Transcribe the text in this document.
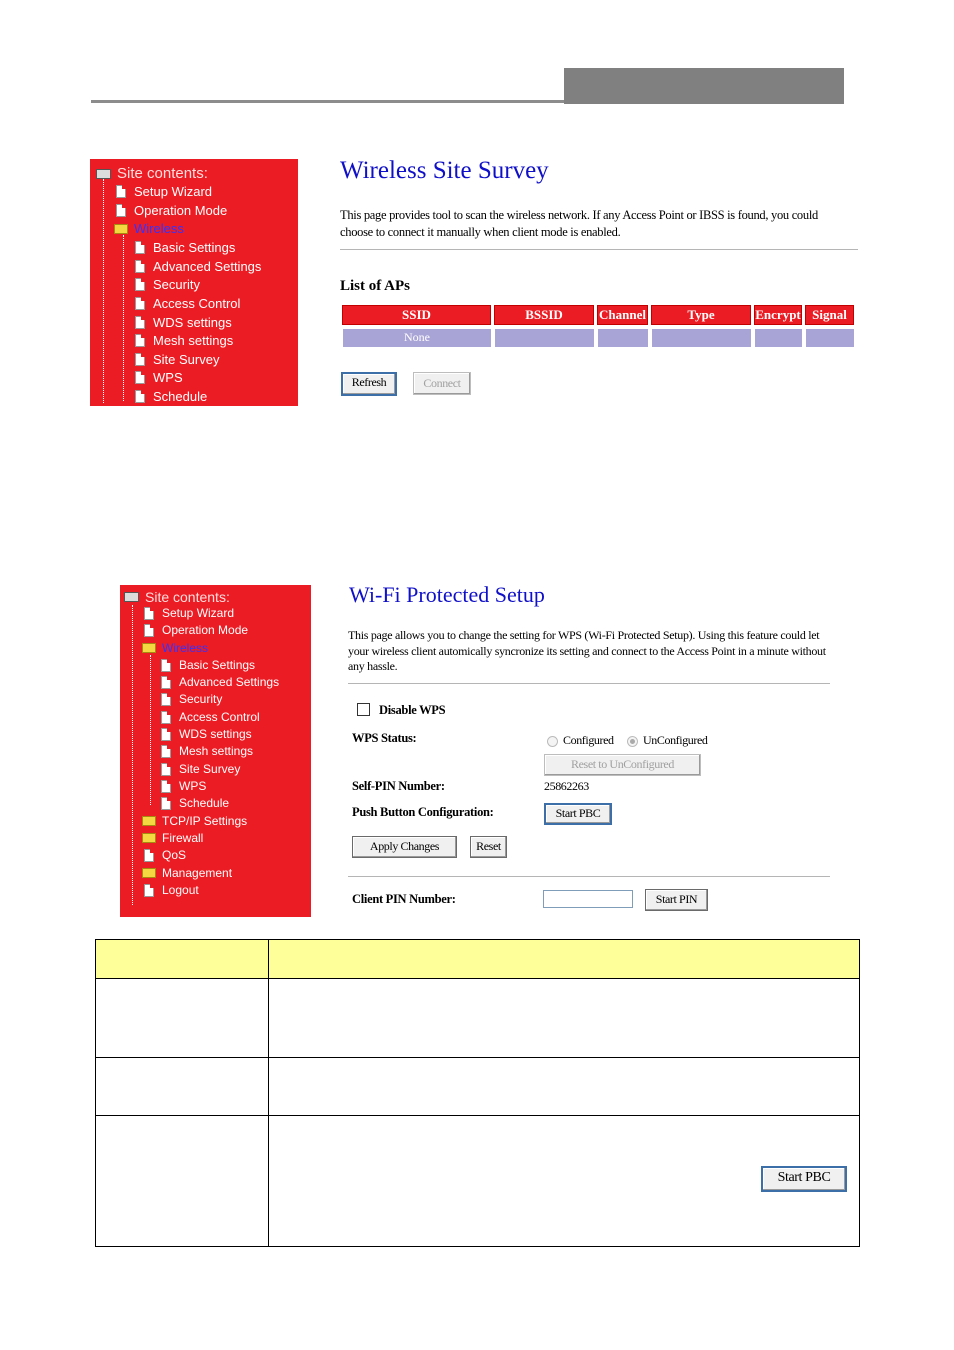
Site contents:
Setup Wizard
Operation Mode
Wireless
Basic Settings
Advanced Settings
Security
Access Control
WDS settings
Mesh settings
Site Survey
WPS
Schedule
Wireless Site Survey
This page provides tool to scan the wireless network. If any Access Point or IBSS is found, you could choose to connect it manually when client mode is enabled.
List of APs
SSID	BSSID	Channel	Type	Encrypt Signal
None
Refresh	Connect
Site contents:
Setup Wizard
Operation Mode
Wireless
Basic Settings
Advanced Settings
Security
Access Control
WDS settings
Mesh settings
Site Survey
WPS
Schedule
TCP/IP Settings
Firewall
QoS
Management
Logout
Wi-Fi Protected Setup
This page allows you to change the setting for WPS (Wi-Fi Protected Setup). Using this feature could let your wireless client automically syncronize its setting and connect to the Access Point in a minute without any hassle.
Disable WPS
WPS Status:	Configured	UnConfigured
Reset to UnConfigured
Self-PIN Number:	25862263
Push Button Configuration:	Start PBC
Apply Changes	Reset
Client PIN Number:	Start PIN

	Start PBC
